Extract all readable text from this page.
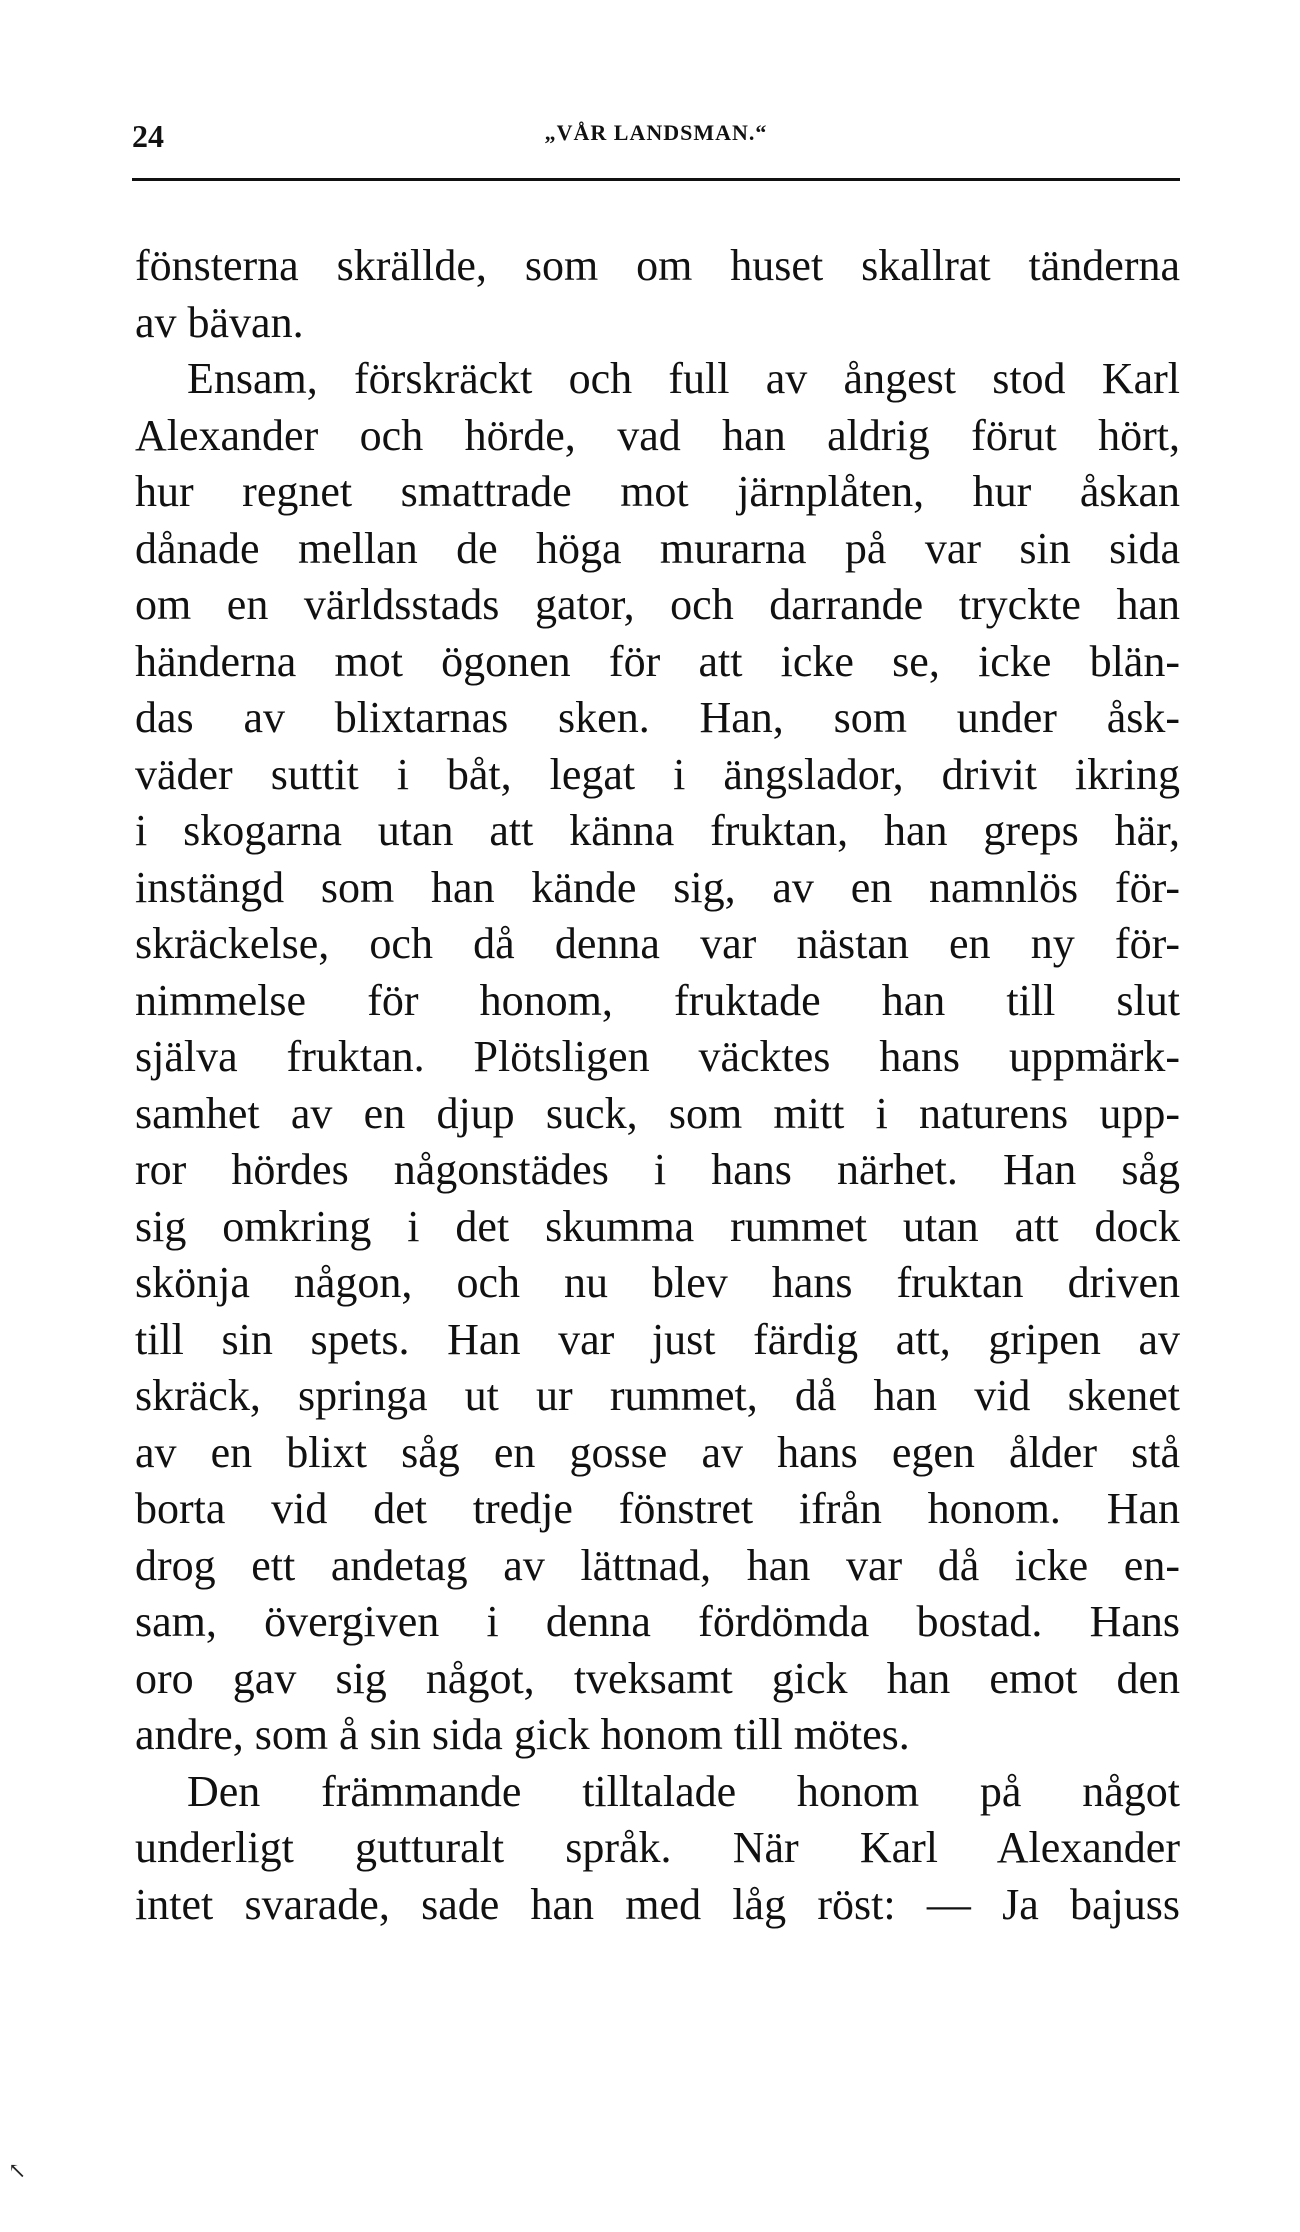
24	„VÅR LANDSMAN.“
fönsterna skrällde, som om huset skallrat tänderna
av bävan.
Ensam, förskräckt och full av ångest stod Karl
Alexander och hörde, vad han aldrig förut hört,
hur regnet smattrade mot järnplåten, hur åskan
dånade mellan de höga murarna på var sin sida
om en världsstads gator, och darrande tryckte han
händerna mot ögonen för att icke se, icke blän-
das av blixtarnas sken. Han, som under åsk-
väder suttit i båt, legat i ängslador, drivit ikring
i skogarna utan att känna fruktan, han greps här,
instängd som han kände sig, av en namnlös för-
skräckelse, och då denna var nästan en ny för-
nimmelse för honom, fruktade han till slut
själva fruktan. Plötsligen väcktes hans uppmärk-
samhet av en djup suck, som mitt i naturens upp-
ror hördes någonstädes i hans närhet. Han såg
sig omkring i det skumma rummet utan att dock
skönja någon, och nu blev hans fruktan driven
till sin spets. Han var just färdig att, gripen av
skräck, springa ut ur rummet, då han vid skenet
av en blixt såg en gosse av hans egen ålder stå
borta vid det tredje fönstret ifrån honom. Han
drog ett andetag av lättnad, han var då icke en-
sam, övergiven i denna fördömda bostad. Hans
oro gav sig något, tveksamt gick han emot den
andre, som å sin sida gick honom till mötes.
Den främmande tilltalade honom på något
underligt gutturalt språk. När Karl Alexander
intet svarade, sade han med låg röst: — Ja bajuss
↖
